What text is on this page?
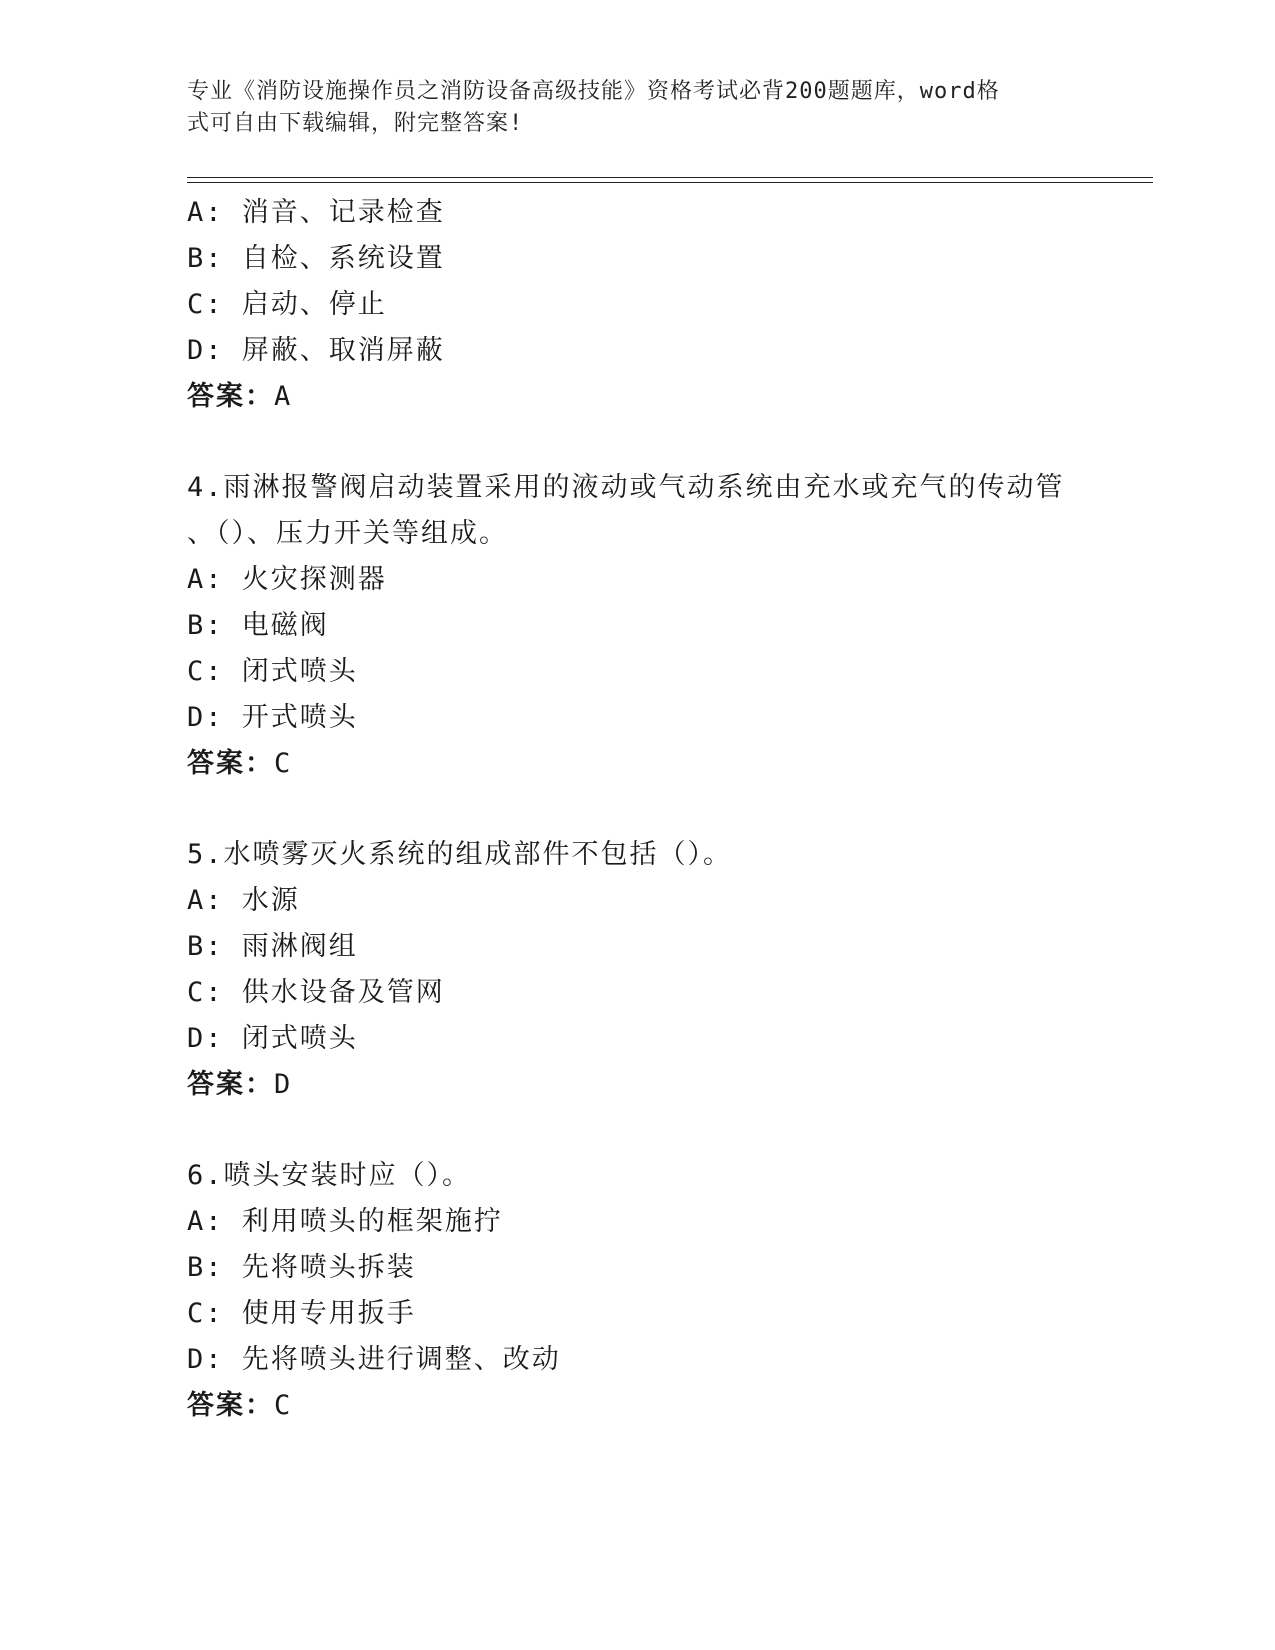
专业《消防设施操作员之消防设备高级技能》资格考试必背200题题库，word格
式可自由下载编辑，附完整答案!
A: 消音、记录检查
B: 自检、系统设置
C: 启动、停止
D: 屏蔽、取消屏蔽
答案：A
4.雨淋报警阀启动装置采用的液动或气动系统由充水或充气的传动管
、（）、压力开关等组成。
A: 火灾探测器
B: 电磁阀
C: 闭式喷头
D: 开式喷头
答案：C
5.水喷雾灭火系统的组成部件不包括（）。
A: 水源
B: 雨淋阀组
C: 供水设备及管网
D: 闭式喷头
答案：D
6.喷头安装时应（）。
A: 利用喷头的框架施拧
B: 先将喷头拆装
C: 使用专用扳手
D: 先将喷头进行调整、改动
答案：C
